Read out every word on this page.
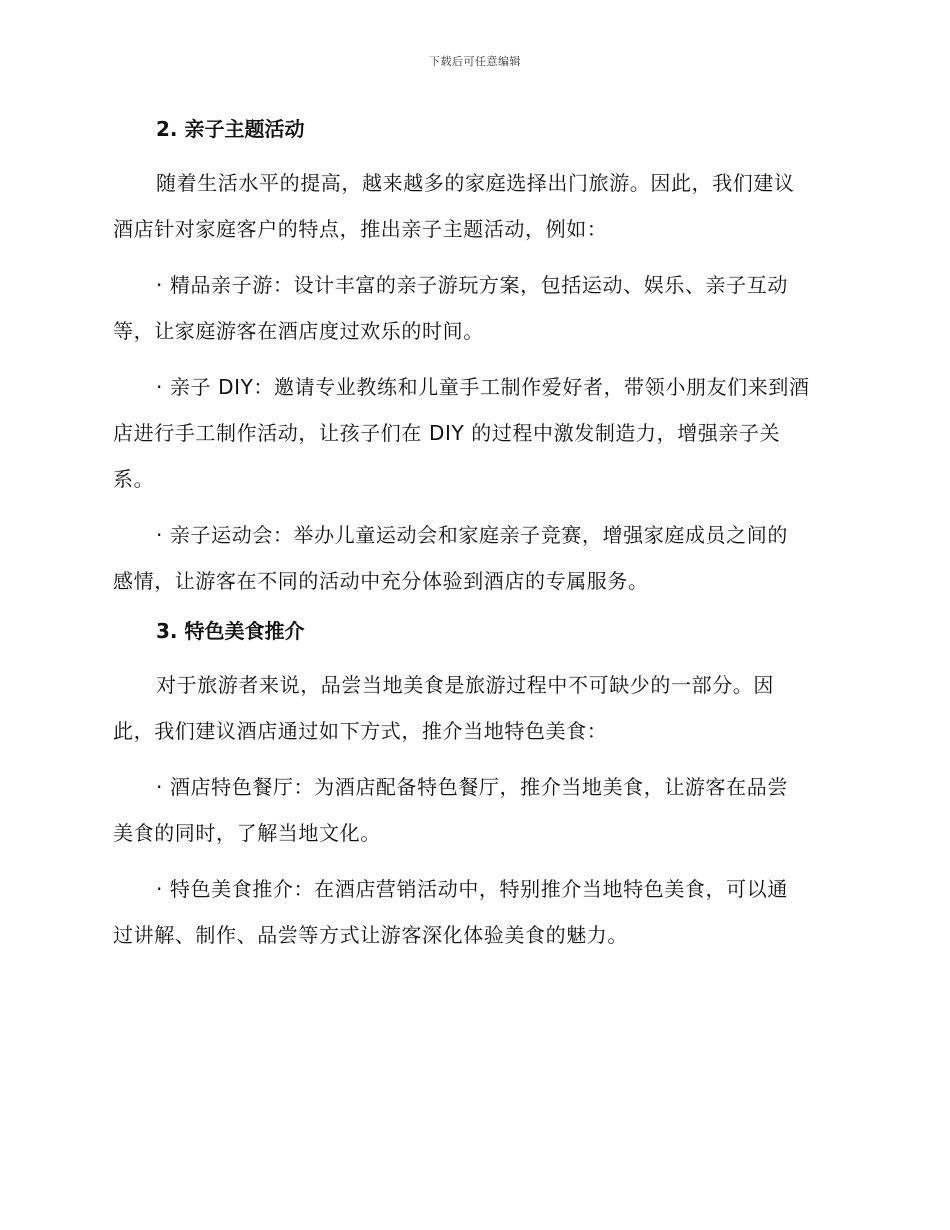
下载后可任意编辑

2. 亲子主题活动

随着生活水平的提高，越来越多的家庭选择出门旅游。因此，我们建议
酒店针对家庭客户的特点，推出亲子主题活动，例如：

· 精品亲子游：设计丰富的亲子游玩方案，包括运动、娱乐、亲子互动
等，让家庭游客在酒店度过欢乐的时间。

· 亲子 DIY：邀请专业教练和儿童手工制作爱好者，带领小朋友们来到酒
店进行手工制作活动，让孩子们在 DIY 的过程中激发制造力，增强亲子关
系。

· 亲子运动会：举办儿童运动会和家庭亲子竞赛，增强家庭成员之间的
感情，让游客在不同的活动中充分体验到酒店的专属服务。

3. 特色美食推介

对于旅游者来说，品尝当地美食是旅游过程中不可缺少的一部分。因
此，我们建议酒店通过如下方式，推介当地特色美食：

· 酒店特色餐厅：为酒店配备特色餐厅，推介当地美食，让游客在品尝
美食的同时，了解当地文化。

· 特色美食推介：在酒店营销活动中，特别推介当地特色美食，可以通
过讲解、制作、品尝等方式让游客深化体验美食的魅力。
